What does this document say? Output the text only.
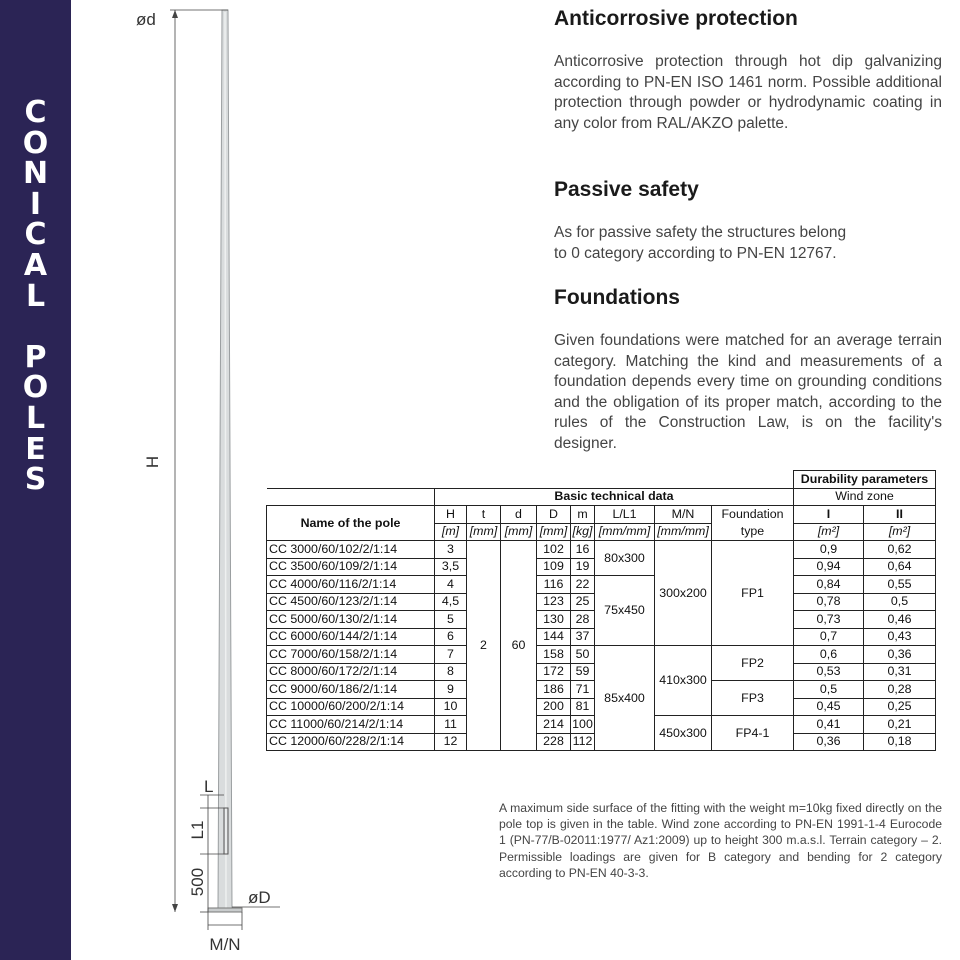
C
O
N
I
C
A
L
P
O
L
E
S
ød
H
L
L1
500
øD
M/N
Anticorrosive protection

Anticorrosive protection through hot dip galvanizing according to PN-EN ISO 1461 norm. Possible additional protection through powder or hydrodynamic coating in any color from RAL/AKZO palette.

Passive safety
As for passive safety the structures belong
to 0 category according to PN-EN 12767.
Foundations

Given foundations were matched for an average terrain category. Matching the kind and measurements of a foundation depends every time on grounding conditions and the obligation of its proper match, according to the rules of the Construction Law, is on the facility's designer.

									Durability parameters	
	Basic technical data								Wind zone	
Name of the pole	H	t	d	D	m	L/L1	M/N	Foundation	I	II
	[m]	[mm]	[mm]	[mm]	[kg]	[mm/mm]	[mm/mm]	type	[m²]	[m²]
CC 3000/60/102/2/1:14	3	2	60	102	16	80x300	300x200	FP1	0,9	0,62
CC 3500/60/109/2/1:14	3,5			109	19				0,94	0,64
CC 4000/60/116/2/1:14	4			116	22	75x450			0,84	0,55
CC 4500/60/123/2/1:14	4,5			123	25				0,78	0,5
CC 5000/60/130/2/1:14	5			130	28				0,73	0,46
CC 6000/60/144/2/1:14	6			144	37				0,7	0,43
CC 7000/60/158/2/1:14	7			158	50	85x400	410x300	FP2	0,6	0,36
CC 8000/60/172/2/1:14	8			172	59				0,53	0,31
CC 9000/60/186/2/1:14	9			186	71			FP3	0,5	0,28
CC 10000/60/200/2/1:14	10			200	81				0,45	0,25
CC 11000/60/214/2/1:14	11			214	100		450x300	FP4-1	0,41	0,21
CC 12000/60/228/2/1:14	12			228	112				0,36	0,18

A maximum side surface of the fitting with the weight m=10kg fixed directly on the pole top is given in the table. Wind zone according to PN-EN 1991-1-4 Eurocode 1 (PN-77/B-02011:1977/ Az1:2009) up to height 300 m.a.s.l. Terrain category – 2. Permissible loadings are given for B category and bending for 2 category according to PN-EN 40-3-3.
